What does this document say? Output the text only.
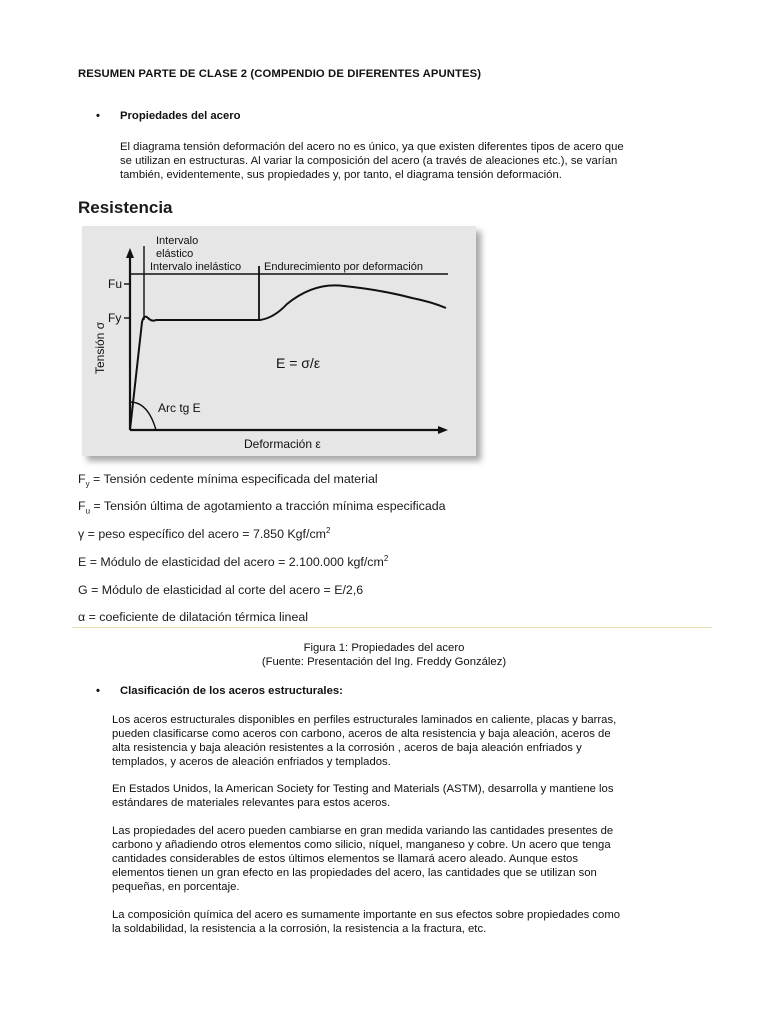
RESUMEN PARTE DE CLASE 2 (COMPENDIO DE DIFERENTES APUNTES)
• Propiedades del acero
El diagrama tensión deformación del acero no es único, ya que existen diferentes tipos de acero que
se utilizan en estructuras. Al variar la composición del acero (a través de aleaciones etc.), se varían
también, evidentemente, sus propiedades y, por tanto, el diagrama tensión deformación.
Resistencia
Fu
Fy
Intervalo
elástico
Intervalo inelástico Endurecimiento por deformación
E = σ/ε
Arc tg E
Deformación ε
Tensión σ
$F_y$ = Tensión cedente mínima especificada del material
$F_u$ = Tensión última de agotamiento a tracción mínima especificada
γ = peso específico del acero = 7.850 Kgf/$cm^2$
E = Módulo de elasticidad del acero = 2.100.000 kgf/$cm^2$
G = Módulo de elasticidad al corte del acero = E/2,6
α = coeficiente de dilatación térmica lineal
Figura 1: Propiedades del acero
(Fuente: Presentación del Ing. Freddy González)
• Clasificación de los aceros estructurales:
Los aceros estructurales disponibles en perfiles estructurales laminados en caliente, placas y barras,
pueden clasificarse como aceros con carbono, aceros de alta resistencia y baja aleación, aceros de
alta resistencia y baja aleación resistentes a la corrosión , aceros de baja aleación enfriados y
templados, y aceros de aleación enfriados y templados.
En Estados Unidos, la American Society for Testing and Materials (ASTM), desarrolla y mantiene los
estándares de materiales relevantes para estos aceros.
Las propiedades del acero pueden cambiarse en gran medida variando las cantidades presentes de
carbono y añadiendo otros elementos como silicio, níquel, manganeso y cobre. Un acero que tenga
cantidades considerables de estos últimos elementos se llamará acero aleado. Aunque estos
elementos tienen un gran efecto en las propiedades del acero, las cantidades que se utilizan son
pequeñas, en porcentaje.
La composición química del acero es sumamente importante en sus efectos sobre propiedades como
la soldabilidad, la resistencia a la corrosión, la resistencia a la fractura, etc.
